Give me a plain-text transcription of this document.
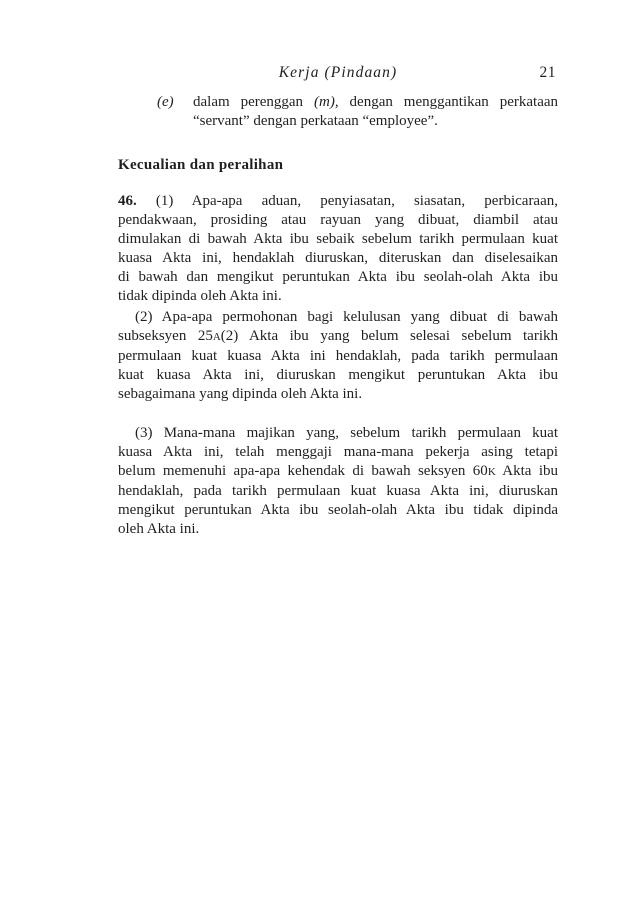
Kerja (Pindaan)	21
(e)	dalam perenggan (m), dengan menggantikan perkataan
“servant” dengan perkataan “employee”.
Kecualian dan peralihan
46. (1) Apa-apa aduan, penyiasatan, siasatan, perbicaraan,
pendakwaan, prosiding atau rayuan yang dibuat, diambil atau
dimulakan di bawah Akta ibu sebaik sebelum tarikh permulaan kuat
kuasa Akta ini, hendaklah diuruskan, diteruskan dan diselesaikan
di bawah dan mengikut peruntukan Akta ibu seolah-olah Akta ibu
tidak dipinda oleh Akta ini.
(2) Apa-apa permohonan bagi kelulusan yang dibuat di bawah
subseksyen 25A(2) Akta ibu yang belum selesai sebelum tarikh
permulaan kuat kuasa Akta ini hendaklah, pada tarikh permulaan
kuat kuasa Akta ini, diuruskan mengikut peruntukan Akta ibu
sebagaimana yang dipinda oleh Akta ini.
(3) Mana-mana majikan yang, sebelum tarikh permulaan kuat
kuasa Akta ini, telah menggaji mana-mana pekerja asing tetapi
belum memenuhi apa-apa kehendak di bawah seksyen 60K Akta ibu
hendaklah, pada tarikh permulaan kuat kuasa Akta ini, diuruskan
mengikut peruntukan Akta ibu seolah-olah Akta ibu tidak dipinda
oleh Akta ini.
